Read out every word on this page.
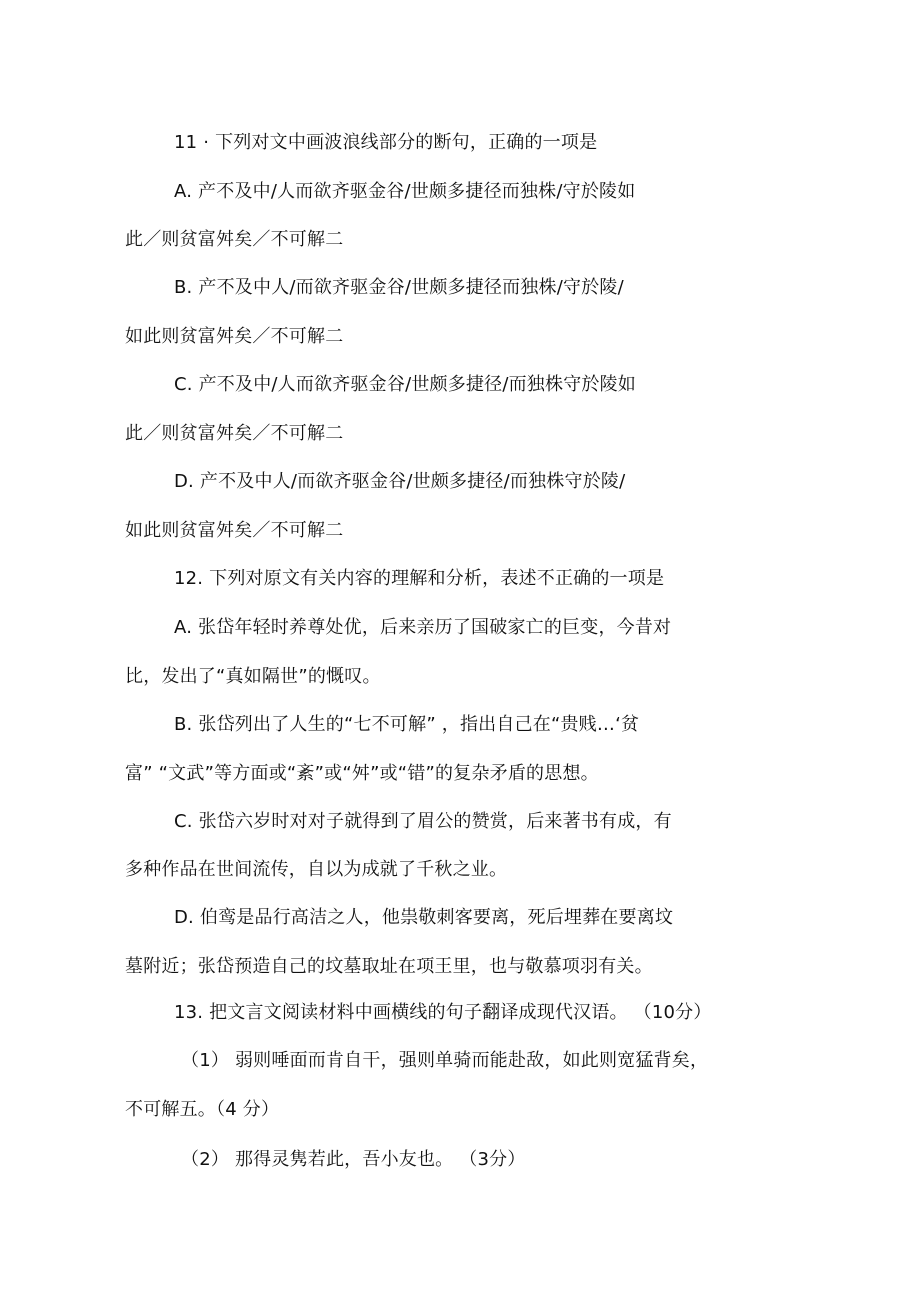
11 · 下列对文中画波浪线部分的断句，正确的一项是
A. 产不及中/人而欲齐驱金谷/世颇多捷径而独株/守於陵如
此／则贫富舛矣／不可解二
B. 产不及中人/而欲齐驱金谷/世颇多捷径而独株/守於陵/
如此则贫富舛矣／不可解二
C. 产不及中/人而欲齐驱金谷/世颇多捷径/而独株守於陵如
此／则贫富舛矣／不可解二
D. 产不及中人/而欲齐驱金谷/世颇多捷径/而独株守於陵/
如此则贫富舛矣／不可解二
12. 下列对原文有关内容的理解和分析，表述不正确的一项是
A. 张岱年轻时养尊处优，后来亲历了国破家亡的巨变，今昔对
比，发出了“真如隔世”的慨叹。
B. 张岱列出了人生的“七不可解” ，指出自己在“贵贱…‘贫
富” “文武”等方面或“紊”或“舛”或“错”的复杂矛盾的思想。
C. 张岱六岁时对对子就得到了眉公的赞赏，后来著书有成，有
多种作品在世间流传，自以为成就了千秋之业。
D. 伯鸾是品行高洁之人，他祟敬刺客要离，死后埋葬在要离坟
墓附近；张岱预造自己的坟墓取址在项王里，也与敬慕项羽有关。
13. 把文言文阅读材料中画横线的句子翻译成现代汉语。 （10分）
（1） 弱则唾面而肯自干，强则单骑而能赴敌，如此则宽猛背矣，
不可解五。（4 分）
（2） 那得灵隽若此，吾小友也。 （3分）
